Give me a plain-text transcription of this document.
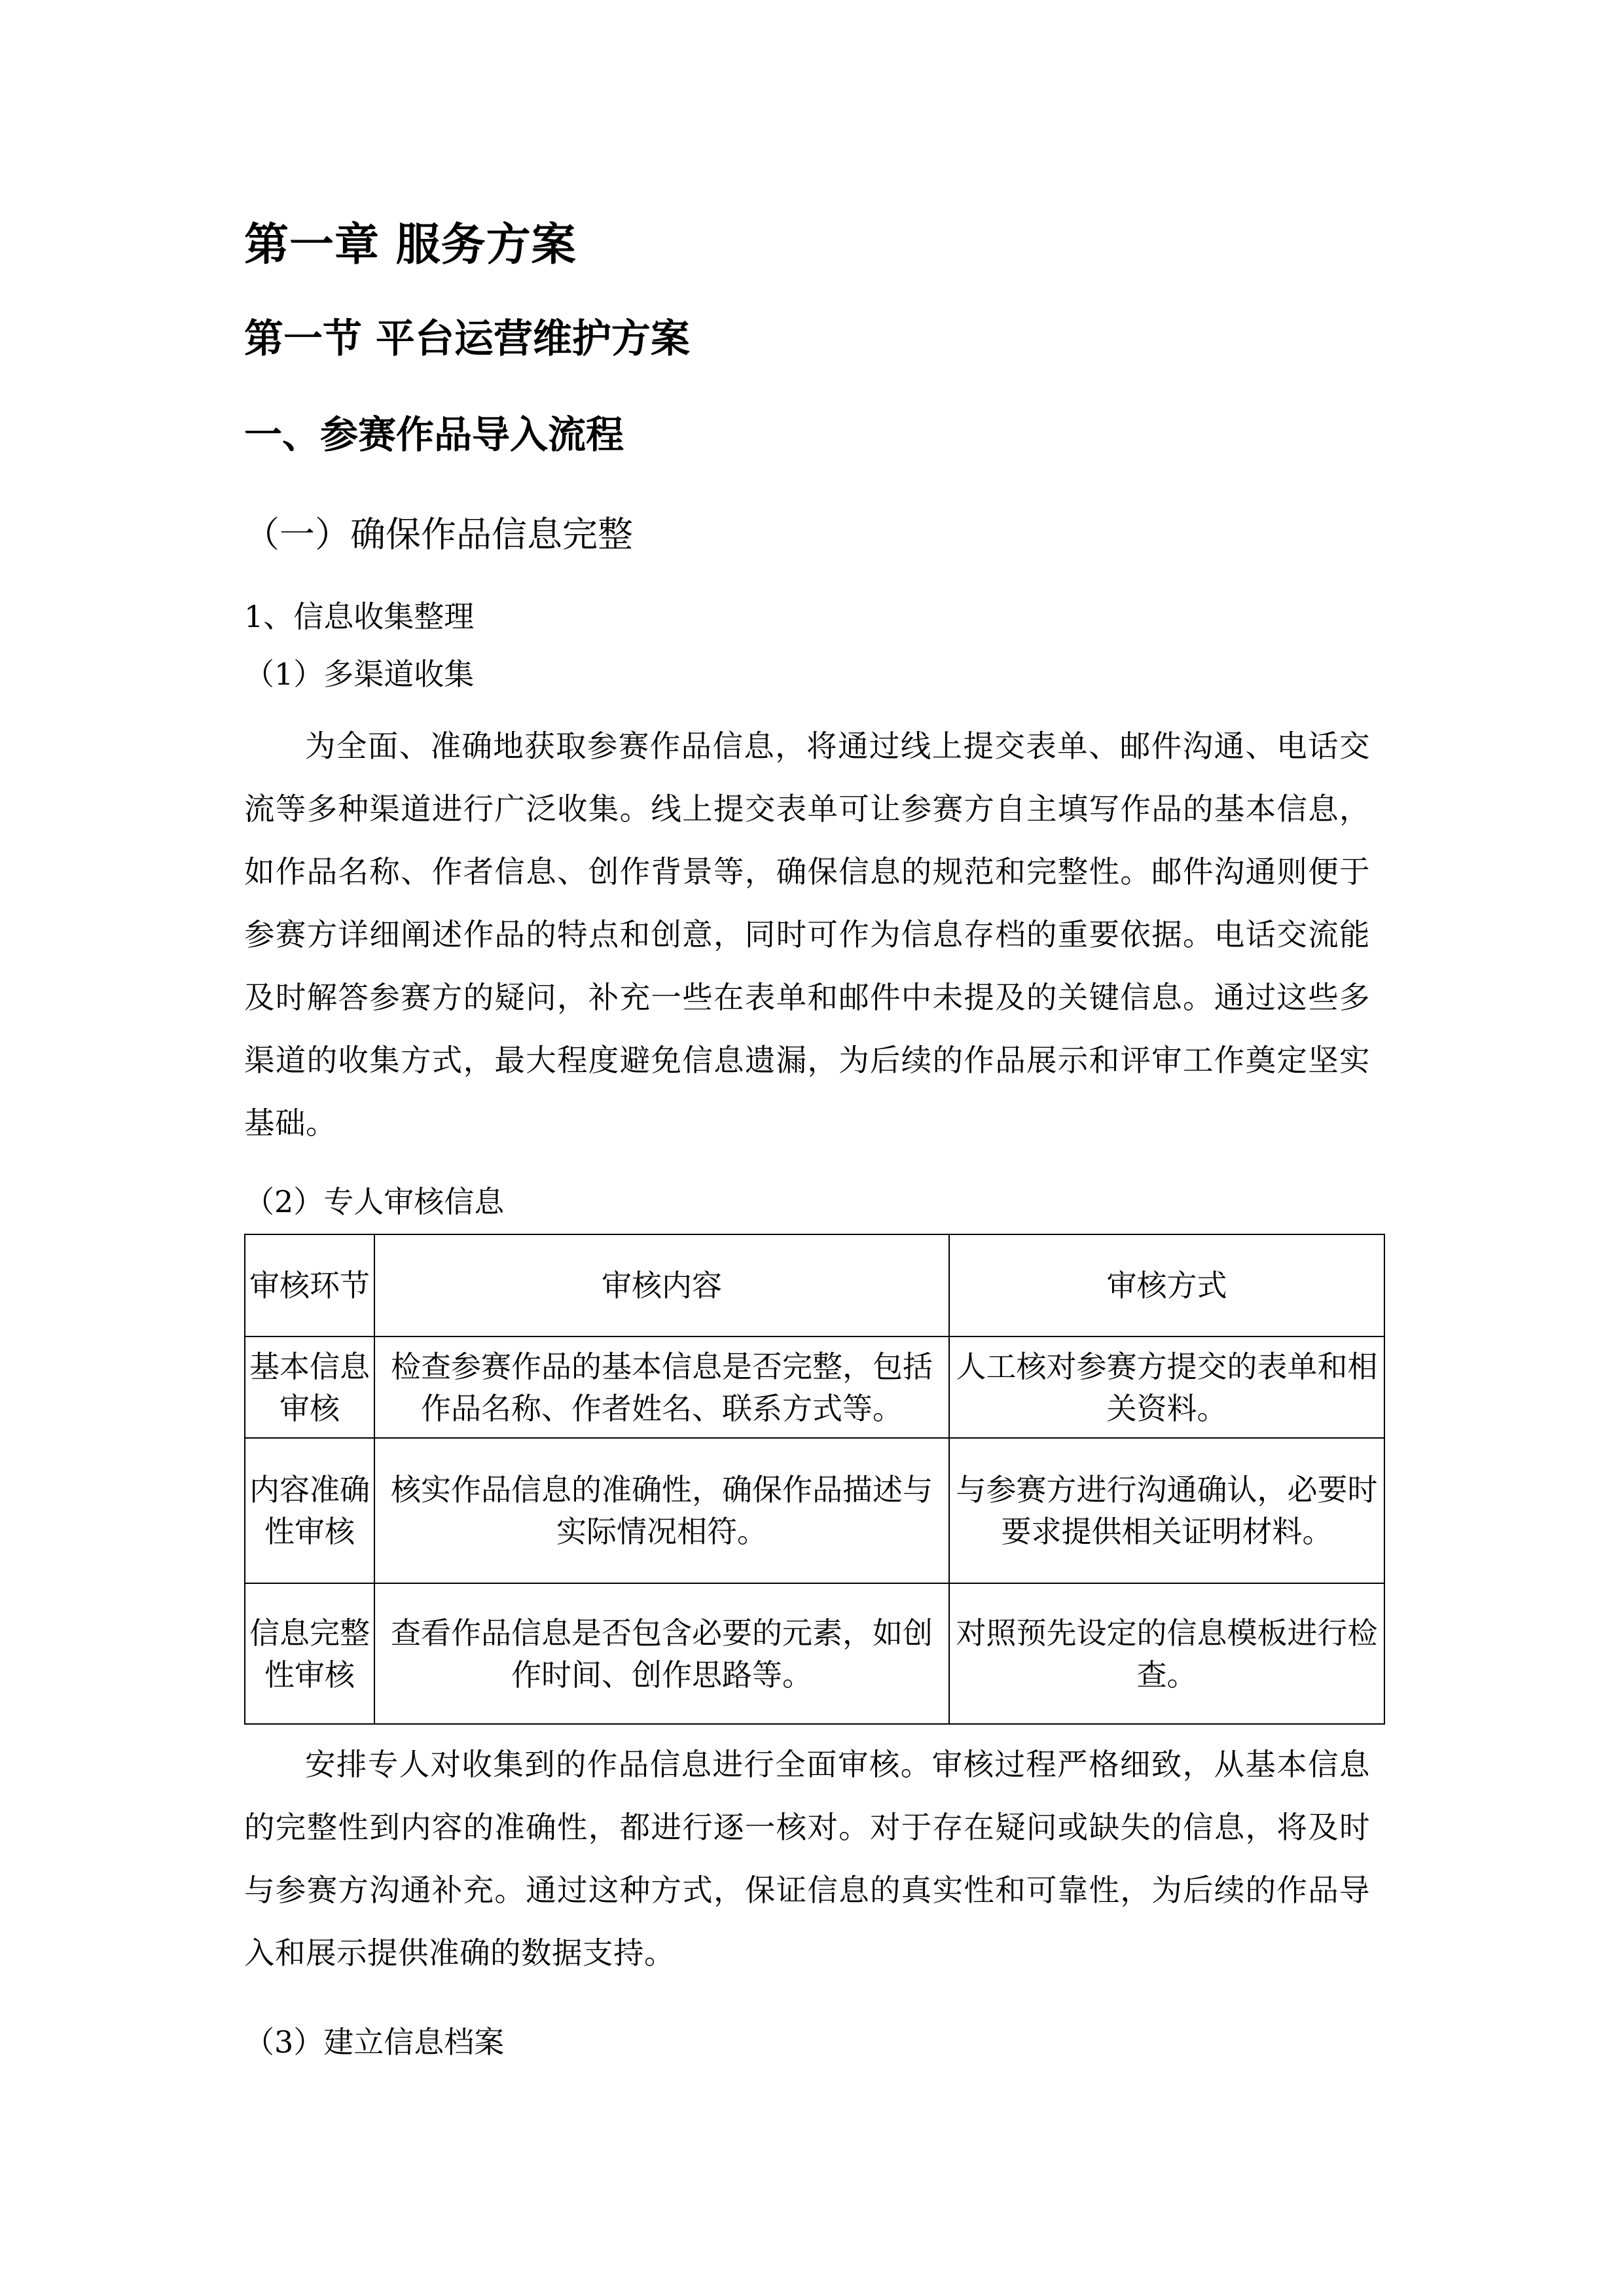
第一章 服务方案
第一节 平台运营维护方案
一、参赛作品导入流程
（一）确保作品信息完整
1、信息收集整理
（1）多渠道收集

为全面、准确地获取参赛作品信息，将通过线上提交表单、邮件沟通、电话交流等多种渠道进行广泛收集。线上提交表单可让参赛方自主填写作品的基本信息，如作品名称、作者信息、创作背景等，确保信息的规范和完整性。邮件沟通则便于参赛方详细阐述作品的特点和创意，同时可作为信息存档的重要依据。电话交流能及时解答参赛方的疑问，补充一些在表单和邮件中未提及的关键信息。通过这些多渠道的收集方式，最大程度避免信息遗漏，为后续的作品展示和评审工作奠定坚实基础。

（2）专人审核信息
审核环节	审核内容	审核方式
基本信息审核	检查参赛作品的基本信息是否完整，包括作品名称、作者姓名、联系方式等。	人工核对参赛方提交的表单和相关资料。
内容准确性审核	核实作品信息的准确性，确保作品描述与实际情况相符。	与参赛方进行沟通确认，必要时要求提供相关证明材料。
信息完整性审核	查看作品信息是否包含必要的元素，如创作时间、创作思路等。	对照预先设定的信息模板进行检查。

安排专人对收集到的作品信息进行全面审核。审核过程严格细致，从基本信息的完整性到内容的准确性，都进行逐一核对。对于存在疑问或缺失的信息，将及时与参赛方沟通补充。通过这种方式，保证信息的真实性和可靠性，为后续的作品导入和展示提供准确的数据支持。

（3）建立信息档案
